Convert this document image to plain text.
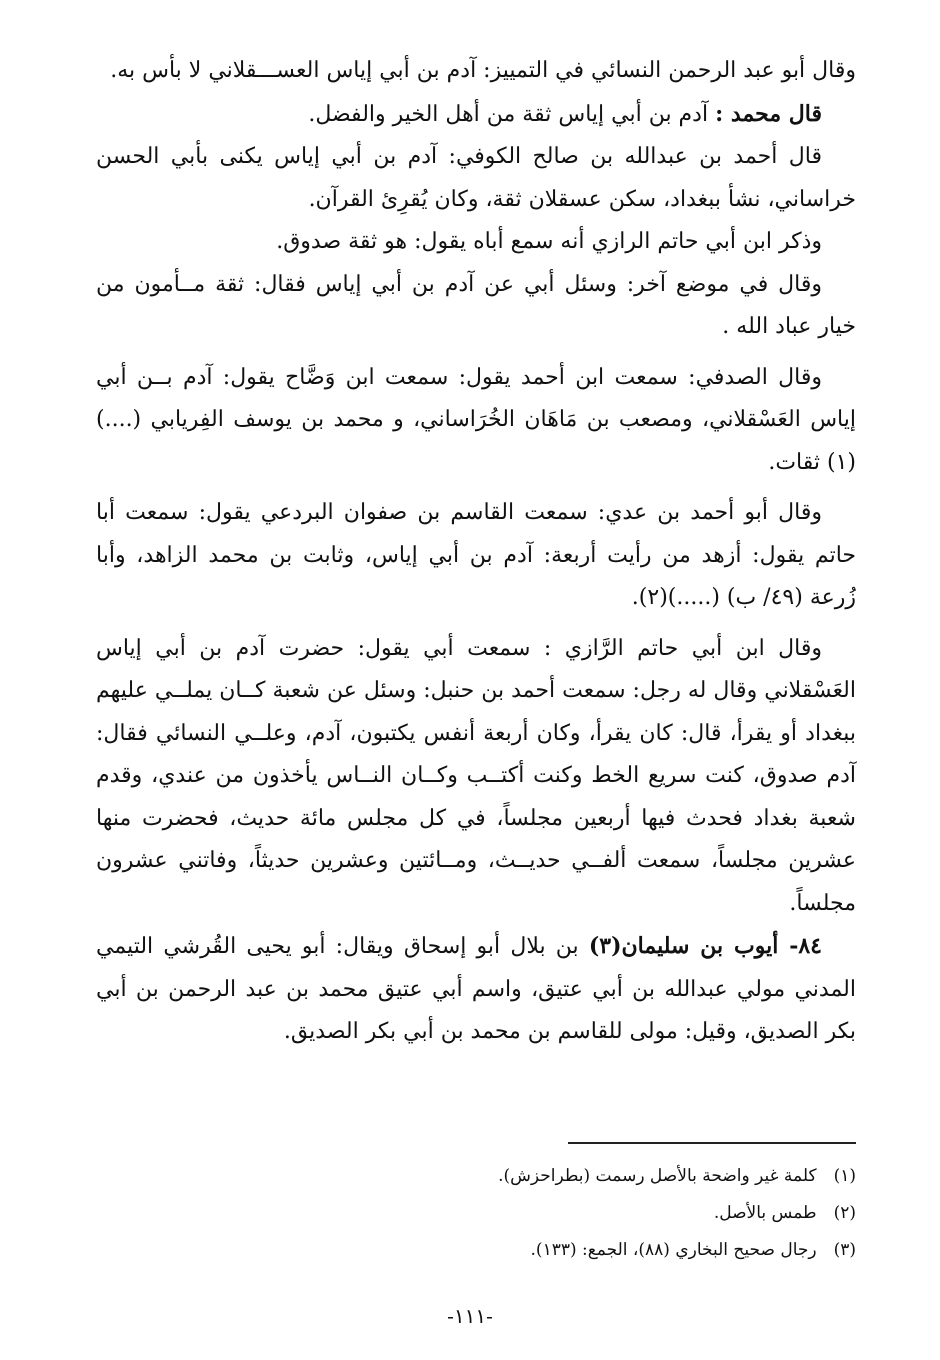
وقال أبو عبد الرحمن النسائي في التمييز: آدم بن أبي إياس العســـقلاني لا بأس به.

قال محمد : آدم بن أبي إياس ثقة من أهل الخير والفضل.

قال أحمد بن عبدالله بن صالح الكوفي: آدم بن أبي إياس يكنى بأبي الحسن خراساني، نشأ ببغداد، سكن عسقلان ثقة، وكان يُقرِئ القرآن.

وذكر ابن أبي حاتم الرازي أنه سمع أباه يقول: هو ثقة صدوق.

وقال في موضع آخر: وسئل أبي عن آدم بن أبي إياس فقال: ثقة مــأمون من خيار عباد الله .

وقال الصدفي: سمعت ابن أحمد يقول: سمعت ابن وَضَّاح يقول: آدم بــن أبي إياس العَسْقلاني، ومصعب بن مَاهَان الخُرَاساني، و محمد بن يوسف الفِريابي (....)(١) ثقات.

وقال أبو أحمد بن عدي: سمعت القاسم بن صفوان البردعي يقول: سمعت أبا حاتم يقول: أزهد من رأيت أربعة: آدم بن أبي إياس، وثابت بن محمد الزاهد، وأبا زُرعة (٤٩/ ب) (.....)(٢).

وقال ابن أبي حاتم الرَّازي : سمعت أبي يقول: حضرت آدم بن أبي إياس العَسْقلاني وقال له رجل: سمعت أحمد بن حنبل: وسئل عن شعبة كــان يملــي عليهم ببغداد أو يقرأ، قال: كان يقرأ، وكان أربعة أنفس يكتبون، آدم، وعلــي النسائي فقال: آدم صدوق، كنت سريع الخط وكنت أكتــب وكــان النــاس يأخذون من عندي، وقدم شعبة بغداد فحدث فيها أربعين مجلساً، في كل مجلس مائة حديث، فحضرت منها عشرين مجلساً، سمعت ألفــي حديــث، ومــائتين وعشرين حديثاً، وفاتني عشرون مجلساً.

٨٤- أيوب بن سليمان(٣) بن بلال أبو إسحاق ويقال: أبو يحيى القُرشي التيمي المدني مولي عبدالله بن أبي عتيق، واسم أبي عتيق محمد بن عبد الرحمن بن أبي بكر الصديق، وقيل: مولى للقاسم بن محمد بن أبي بكر الصديق.

(١) كلمة غير واضحة بالأصل رسمت (بطراحزش).
(٢) طمس بالأصل.
(٣) رجال صحيح البخاري (٨٨)، الجمع: (١٣٣).
-١١١-
